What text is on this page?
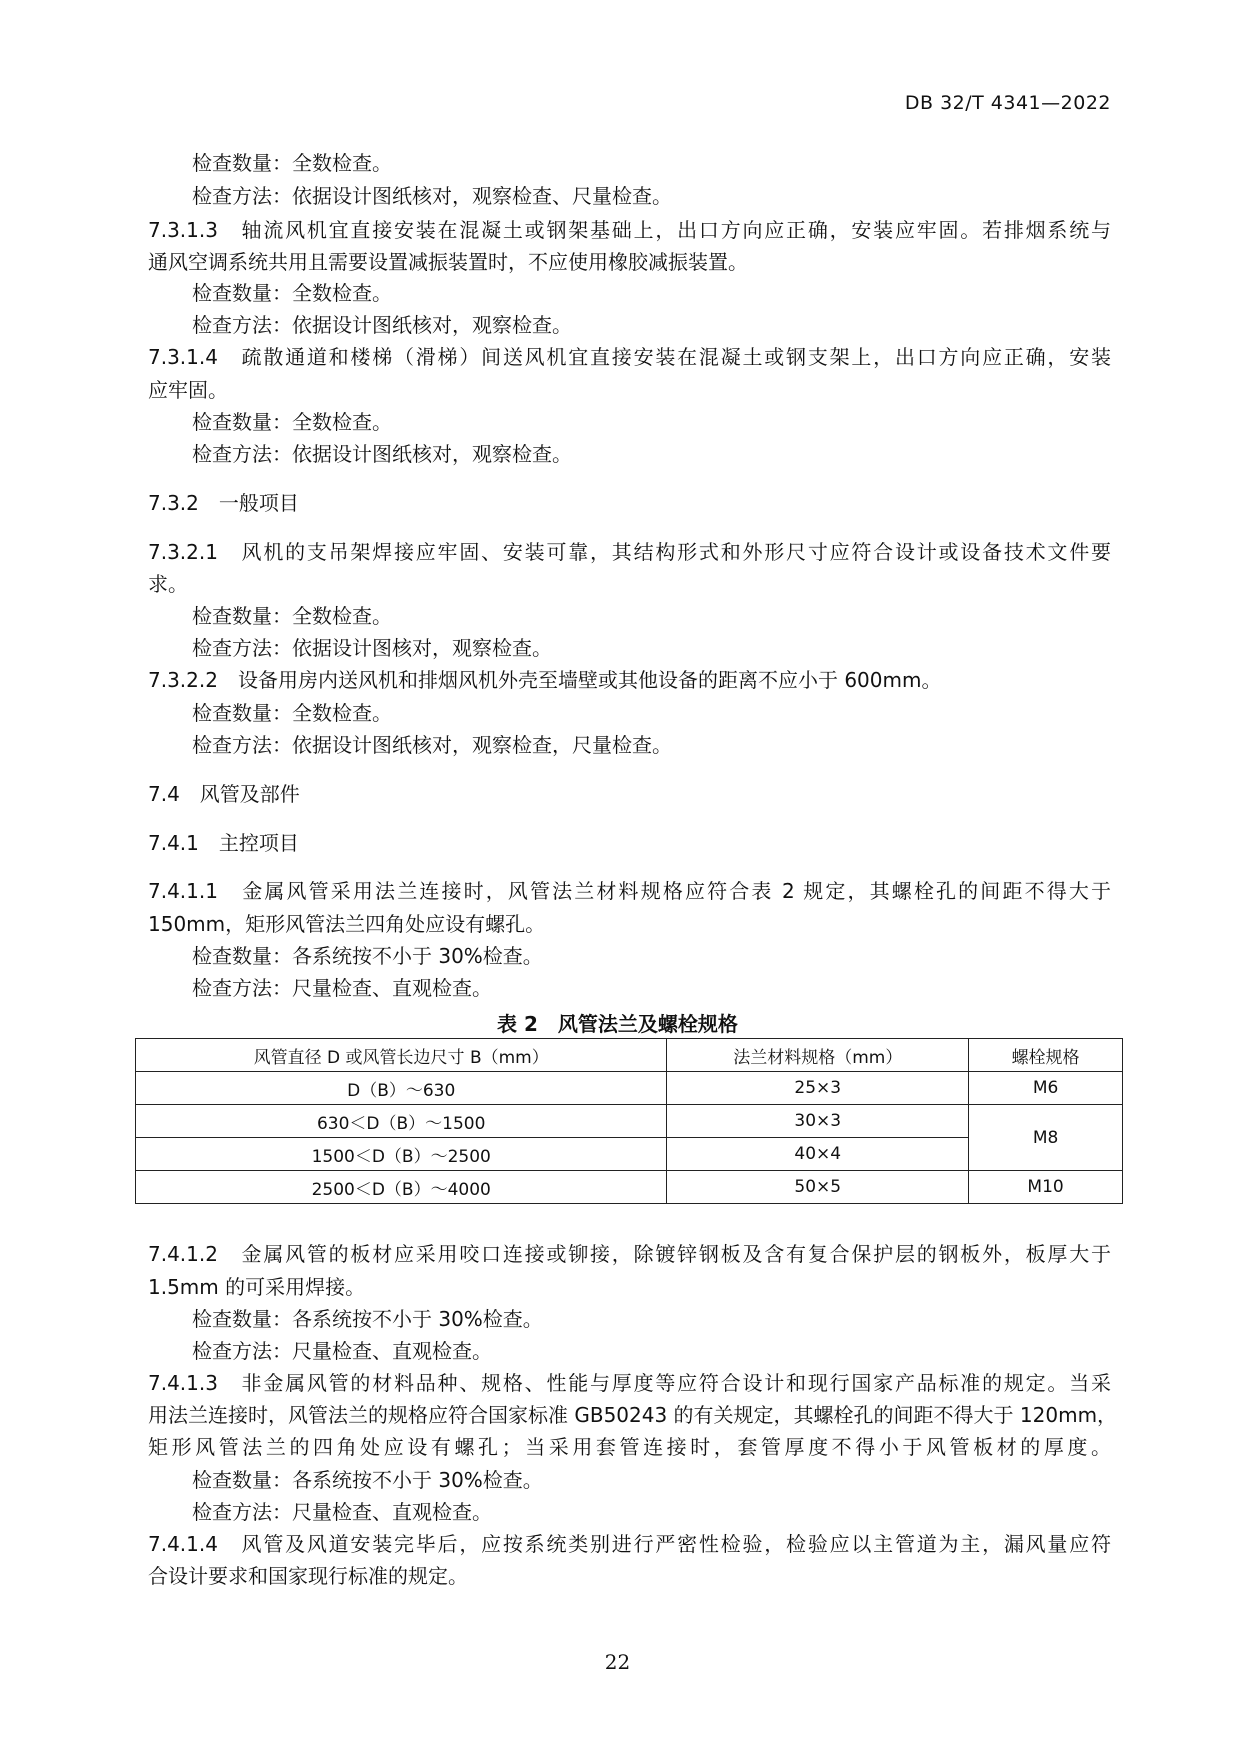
DB 32/T 4341—2022
检查数量：全数检查。
检查方法：依据设计图纸核对，观察检查、尺量检查。
7.3.1.3　轴流风机宜直接安装在混凝土或钢架基础上，出口方向应正确，安装应牢固。若排烟系统与
通风空调系统共用且需要设置减振装置时，不应使用橡胶减振装置。
检查数量：全数检查。
检查方法：依据设计图纸核对，观察检查。
7.3.1.4　疏散通道和楼梯（滑梯）间送风机宜直接安装在混凝土或钢支架上，出口方向应正确，安装
应牢固。
检查数量：全数检查。
检查方法：依据设计图纸核对，观察检查。
7.3.2　一般项目
7.3.2.1　风机的支吊架焊接应牢固、安装可靠，其结构形式和外形尺寸应符合设计或设备技术文件要
求。
检查数量：全数检查。
检查方法：依据设计图核对，观察检查。
7.3.2.2　设备用房内送风机和排烟风机外壳至墙壁或其他设备的距离不应小于 600mm。
检查数量：全数检查。
检查方法：依据设计图纸核对，观察检查，尺量检查。
7.4　风管及部件
7.4.1　主控项目
7.4.1.1　金属风管采用法兰连接时，风管法兰材料规格应符合表 2 规定，其螺栓孔的间距不得大于
150mm，矩形风管法兰四角处应设有螺孔。
检查数量：各系统按不小于 30%检查。
检查方法：尺量检查、直观检查。
7.4.1.2　金属风管的板材应采用咬口连接或铆接，除镀锌钢板及含有复合保护层的钢板外，板厚大于
1.5mm 的可采用焊接。
检查数量：各系统按不小于 30%检查。
检查方法：尺量检查、直观检查。
7.4.1.3　非金属风管的材料品种、规格、性能与厚度等应符合设计和现行国家产品标准的规定。当采
用法兰连接时，风管法兰的规格应符合国家标准 GB50243 的有关规定，其螺栓孔的间距不得大于 120mm，
矩形风管法兰的四角处应设有螺孔；当采用套管连接时，套管厚度不得小于风管板材的厚度。
检查数量：各系统按不小于 30%检查。
检查方法：尺量检查、直观检查。
7.4.1.4　风管及风道安装完毕后，应按系统类别进行严密性检验，检验应以主管道为主，漏风量应符
合设计要求和国家现行标准的规定。
表 2　风管法兰及螺栓规格
风管直径 D 或风管长边尺寸 B（mm）	法兰材料规格（mm）	螺栓规格
D（B）～630	25×3	M6
630＜D（B）～1500	30×3	M8
1500＜D（B）～2500	40×4	
2500＜D（B）～4000	50×5	M10
22
